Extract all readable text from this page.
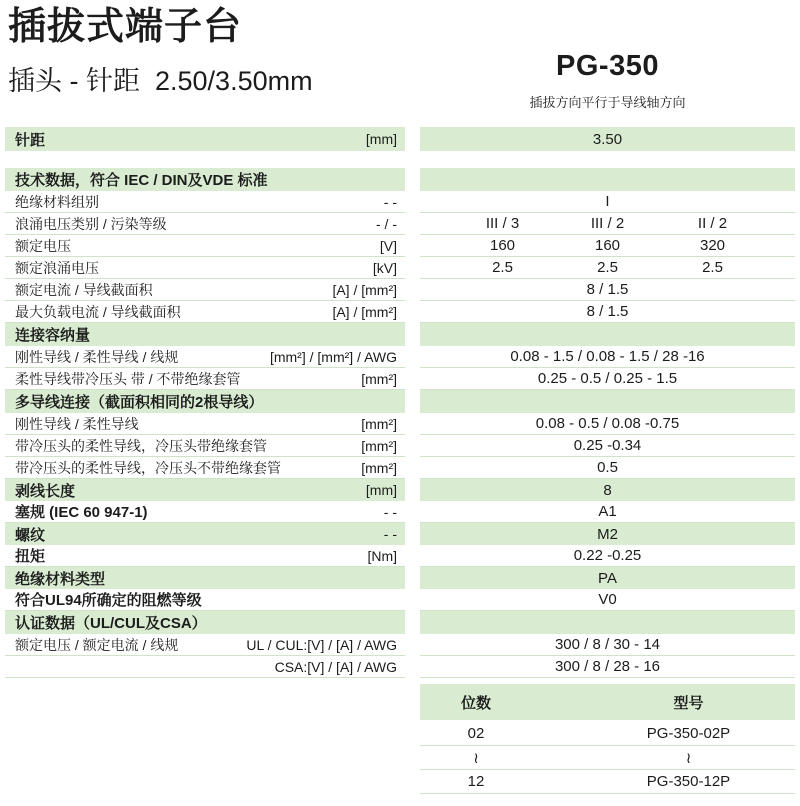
插拔式端子台
插头 - 针距  2.50/3.50mm	PG-350
插拔方向平行于导线轴方向
针距	[mm]	3.50
技术数据，符合 IEC / DIN及VDE 标准
绝缘材料组别	- -	I
浪涌电压类别 / 污染等级	- / -	III / 3	III / 2	II / 2
额定电压	[V]	160	160	320
额定浪涌电压	[kV]	2.5	2.5	2.5
额定电流 / 导线截面积	[A] / [mm²]	8 / 1.5
最大负载电流 / 导线截面积	[A] / [mm²]	8 / 1.5
连接容纳量
刚性导线 / 柔性导线 / 线规	[mm²] / [mm²] / AWG	0.08 - 1.5 / 0.08 - 1.5 / 28 -16
柔性导线带冷压头 带 / 不带绝缘套管	[mm²]	0.25 - 0.5 / 0.25 - 1.5
多导线连接（截面积相同的2根导线）
刚性导线 / 柔性导线	[mm²]	0.08 - 0.5 / 0.08 -0.75
带冷压头的柔性导线，冷压头带绝缘套管	[mm²]	0.25 -0.34
带冷压头的柔性导线，冷压头不带绝缘套管	[mm²]	0.5
剥线长度	[mm]	8
塞规 (IEC 60 947-1)	- -	A1
螺纹	- -	M2
扭矩	[Nm]	0.22 -0.25
绝缘材料类型	PA
符合UL94所确定的阻燃等级	V0
认证数据（UL/CUL及CSA）
额定电压 / 额定电流 / 线规	UL / CUL:[V] / [A] / AWG	300 / 8 / 30 - 14
CSA:[V] / [A] / AWG	300 / 8 / 28 - 16
位数	型号
02	PG-350-02P
≀	≀
12	PG-350-12P
